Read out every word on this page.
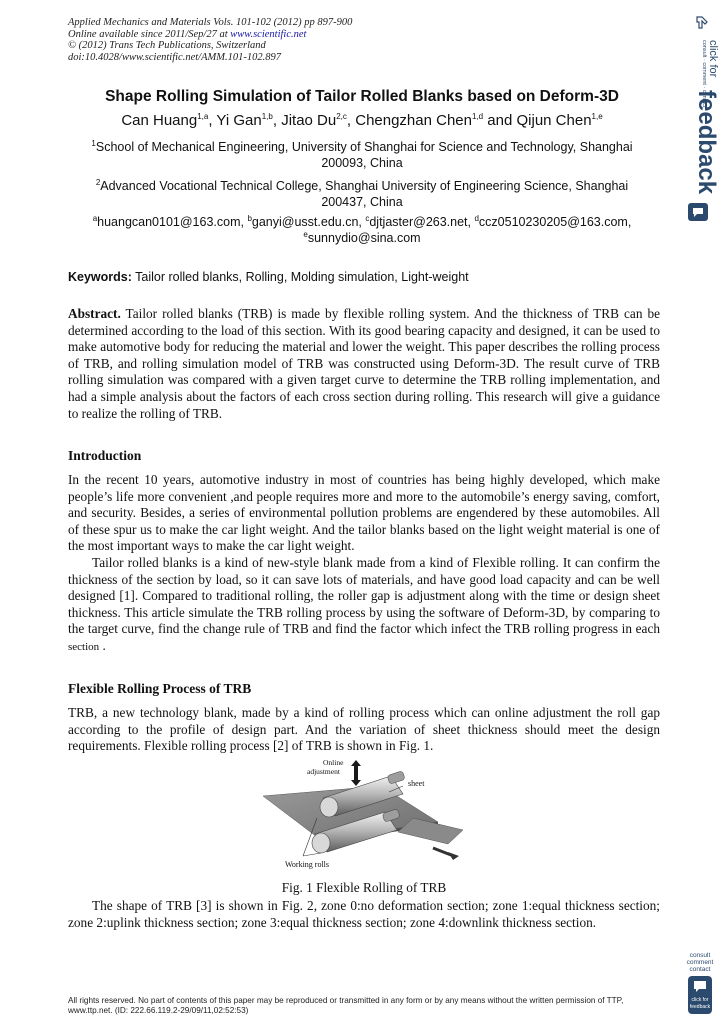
Applied Mechanics and Materials Vols. 101-102 (2012) pp 897-900
Online available since 2011/Sep/27 at www.scientific.net
© (2012) Trans Tech Publications, Switzerland
doi:10.4028/www.scientific.net/AMM.101-102.897
Shape Rolling Simulation of Tailor Rolled Blanks based on Deform-3D
Can Huang$^{1,a}$, Yi Gan$^{1,b}$, Jitao Du$^{2,c}$, Chengzhan Chen$^{1,d}$ and Qijun Chen$^{1,e}$
$^1$School of Mechanical Engineering, University of Shanghai for Science and Technology, Shanghai
200093, China
$^2$Advanced Vocational Technical College, Shanghai University of Engineering Science, Shanghai
200437, China
$^a$huangcan0101@163.com, $^b$ganyi@usst.edu.cn, $^c$djtjaster@263.net, $^d$ccz0510230205@163.com,
$^e$sunnydio@sina.com
Keywords: Tailor rolled blanks, Rolling, Molding simulation, Light-weight
Abstract. Tailor rolled blanks (TRB) is made by flexible rolling system. And the thickness of TRB can be determined according to the load of this section. With its good bearing capacity and designed, it can be used to make automotive body for reducing the material and lower the weight. This paper describes the rolling process of TRB, and rolling simulation model of TRB was constructed using Deform-3D. The result curve of TRB rolling simulation was compared with a given target curve to determine the TRB rolling implementation, and had a simple analysis about the factors of each cross section during rolling. This research will give a guidance to realize the rolling of TRB.
Introduction
In the recent 10 years, automotive industry in most of countries has being highly developed, which make people’s life more convenient ,and people requires more and more to the automobile’s energy saving, comfort, and security. Besides, a series of environmental pollution problems are engendered by these automobiles. All of these spur us to make the car light weight. And the tailor blanks based on the light weight material is one of the most important ways to make the car light weight.
Tailor rolled blanks is a kind of new-style blank made from a kind of Flexible rolling. It can confirm the thickness of the section by load, so it can save lots of materials, and have good load capacity and can be well designed [1]. Compared to traditional rolling, the roller gap is adjustment along with the time or design sheet thickness. This article simulate the TRB rolling process by using the software of Deform-3D, by comparing to the target curve, find the change rule of TRB and find the factor which infect the TRB rolling progress in each section .
Flexible Rolling Process of TRB
TRB, a new technology blank, made by a kind of rolling process which can online adjustment the roll gap according to the profile of design part. And the variation of sheet thickness should meet the design requirements. Flexible rolling process [2] of TRB is shown in Fig. 1.
Online
adjustment
sheet
Working rolls
Fig. 1 Flexible Rolling of TRB
The shape of TRB [3] is shown in Fig. 2, zone 0:no deformation section; zone 1:equal thickness section; zone 2:uplink thickness section; zone 3:equal thickness section; zone 4:downlink thickness section.
All rights reserved. No part of contents of this paper may be reproduced or transmitted in any form or by any means without the written permission of TTP,
www.ttp.net. (ID: 222.66.119.2-29/09/11,02:52:53)
click for
consult · comment · contact
feedback
consult
comment
contact
click for
feedback
